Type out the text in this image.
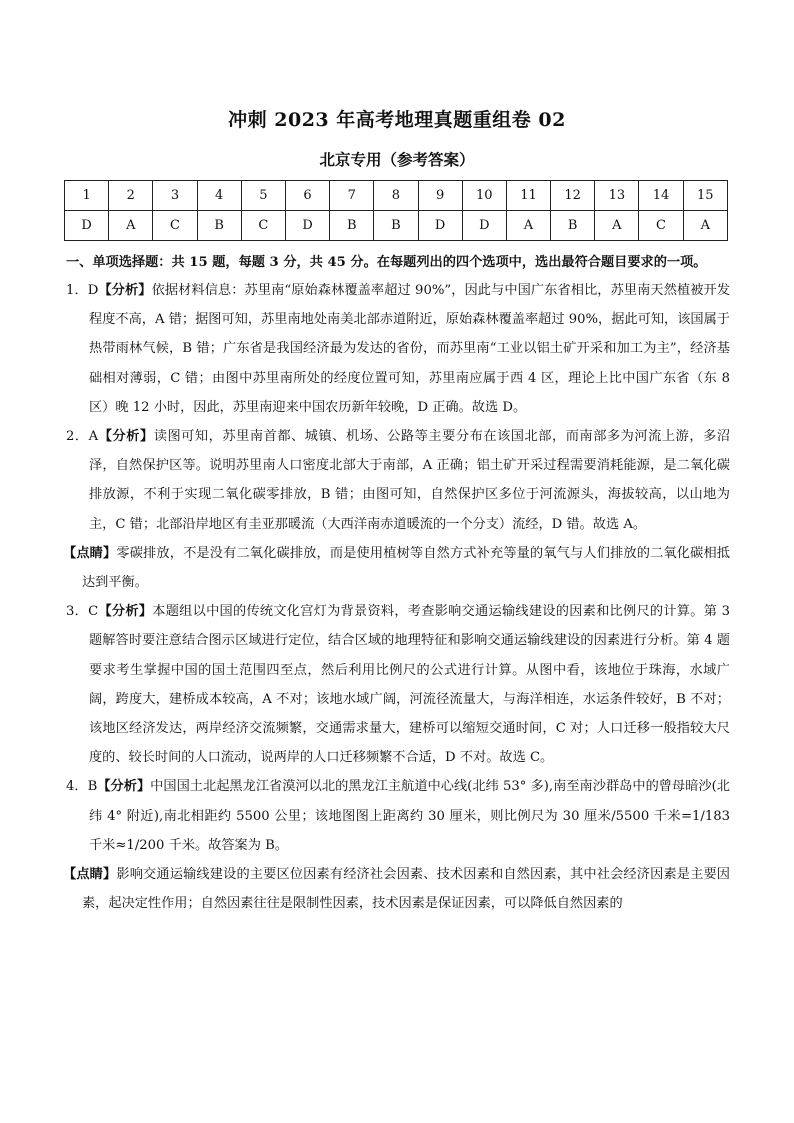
冲刺 2023 年高考地理真题重组卷 02
北京专用（参考答案）
1	2	3	4	5	6	7	8	9	10	11	12	13	14	15
D	A	C	B	C	D	B	B	D	D	A	B	A	C	A
一、单项选择题：共 15 题，每题 3 分，共 45 分。在每题列出的四个选项中，选出最符合题目要求的一项。
1．D【分析】依据材料信息：苏里南“原始森林覆盖率超过 90%”，因此与中国广东省相比，苏里南天然植被开发程度不高，A 错；据图可知，苏里南地处南美北部赤道附近，原始森林覆盖率超过 90%，据此可知，该国属于热带雨林气候，B 错；广东省是我国经济最为发达的省份，而苏里南“工业以铝土矿开采和加工为主”，经济基础相对薄弱，C 错；由图中苏里南所处的经度位置可知，苏里南应属于西 4 区，理论上比中国广东省（东 8 区）晚 12 小时，因此，苏里南迎来中国农历新年较晚，D 正确。故选 D。
2．A【分析】读图可知，苏里南首都、城镇、机场、公路等主要分布在该国北部，而南部多为河流上游，多沼泽，自然保护区等。说明苏里南人口密度北部大于南部，A 正确；铝土矿开采过程需要消耗能源，是二氧化碳排放源，不利于实现二氧化碳零排放，B 错；由图可知，自然保护区多位于河流源头，海拔较高，以山地为主，C 错；北部沿岸地区有圭亚那暖流（大西洋南赤道暖流的一个分支）流经，D 错。故选 A。
【点睛】零碳排放，不是没有二氧化碳排放，而是使用植树等自然方式补充等量的氧气与人们排放的二氧化碳相抵达到平衡。
3．C【分析】本题组以中国的传统文化宫灯为背景资料，考查影响交通运输线建设的因素和比例尺的计算。第 3 题解答时要注意结合图示区域进行定位，结合区域的地理特征和影响交通运输线建设的因素进行分析。第 4 题要求考生掌握中国的国土范围四至点，然后利用比例尺的公式进行计算。从图中看，该地位于珠海，水域广阔，跨度大，建桥成本较高，A 不对；该地水域广阔，河流径流量大，与海洋相连，水运条件较好，B 不对；该地区经济发达，两岸经济交流频繁，交通需求量大，建桥可以缩短交通时间，C 对；人口迁移一般指较大尺度的、较长时间的人口流动，说两岸的人口迁移频繁不合适，D 不对。故选 C。
4．B【分析】中国国土北起黑龙江省漠河以北的黑龙江主航道中心线(北纬 53° 多),南至南沙群岛中的曾母暗沙(北纬 4° 附近),南北相距约 5500 公里；该地图图上距离约 30 厘米，则比例尺为 30 厘米/5500 千米=1/183 千米≈1/200 千米。故答案为 B。
【点睛】影响交通运输线建设的主要区位因素有经济社会因素、技术因素和自然因素，其中社会经济因素是主要因素，起决定性作用；自然因素往往是限制性因素，技术因素是保证因素，可以降低自然因素的
